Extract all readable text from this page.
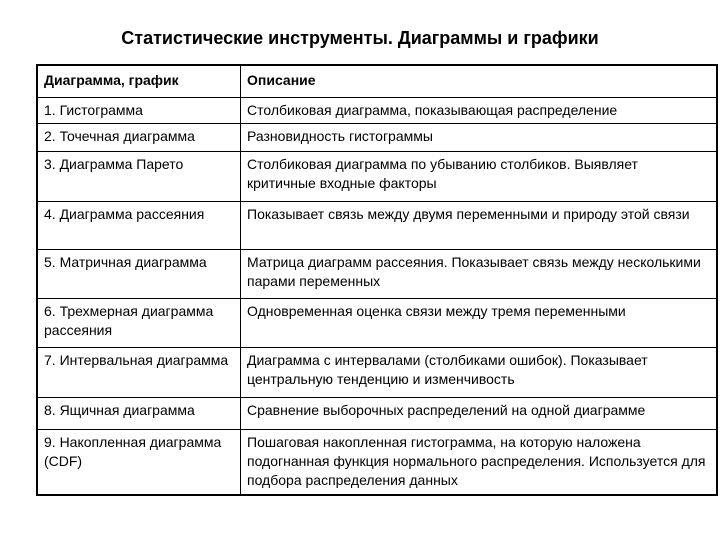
Статистические инструменты. Диаграммы и графики
Диаграмма, график	Описание
1. Гистограмма	Столбиковая диаграмма, показывающая распределение
2. Точечная диаграмма	Разновидность гистограммы
3. Диаграмма Парето	Столбиковая диаграмма по убыванию столбиков. Выявляет критичные входные факторы
4. Диаграмма рассеяния	Показывает связь между двумя переменными и природу этой связи
5. Матричная диаграмма	Матрица диаграмм рассеяния. Показывает связь между несколькими парами переменных
6. Трехмерная диаграмма рассеяния	Одновременная оценка связи между тремя переменными
7. Интервальная диаграмма	Диаграмма с интервалами (столбиками ошибок). Показывает центральную тенденцию и изменчивость
8. Ящичная диаграмма	Сравнение выборочных распределений на одной диаграмме
9. Накопленная диаграмма (CDF)	Пошаговая накопленная гистограмма, на которую наложена подогнанная функция нормального распределения. Используется для подбора распределения данных
